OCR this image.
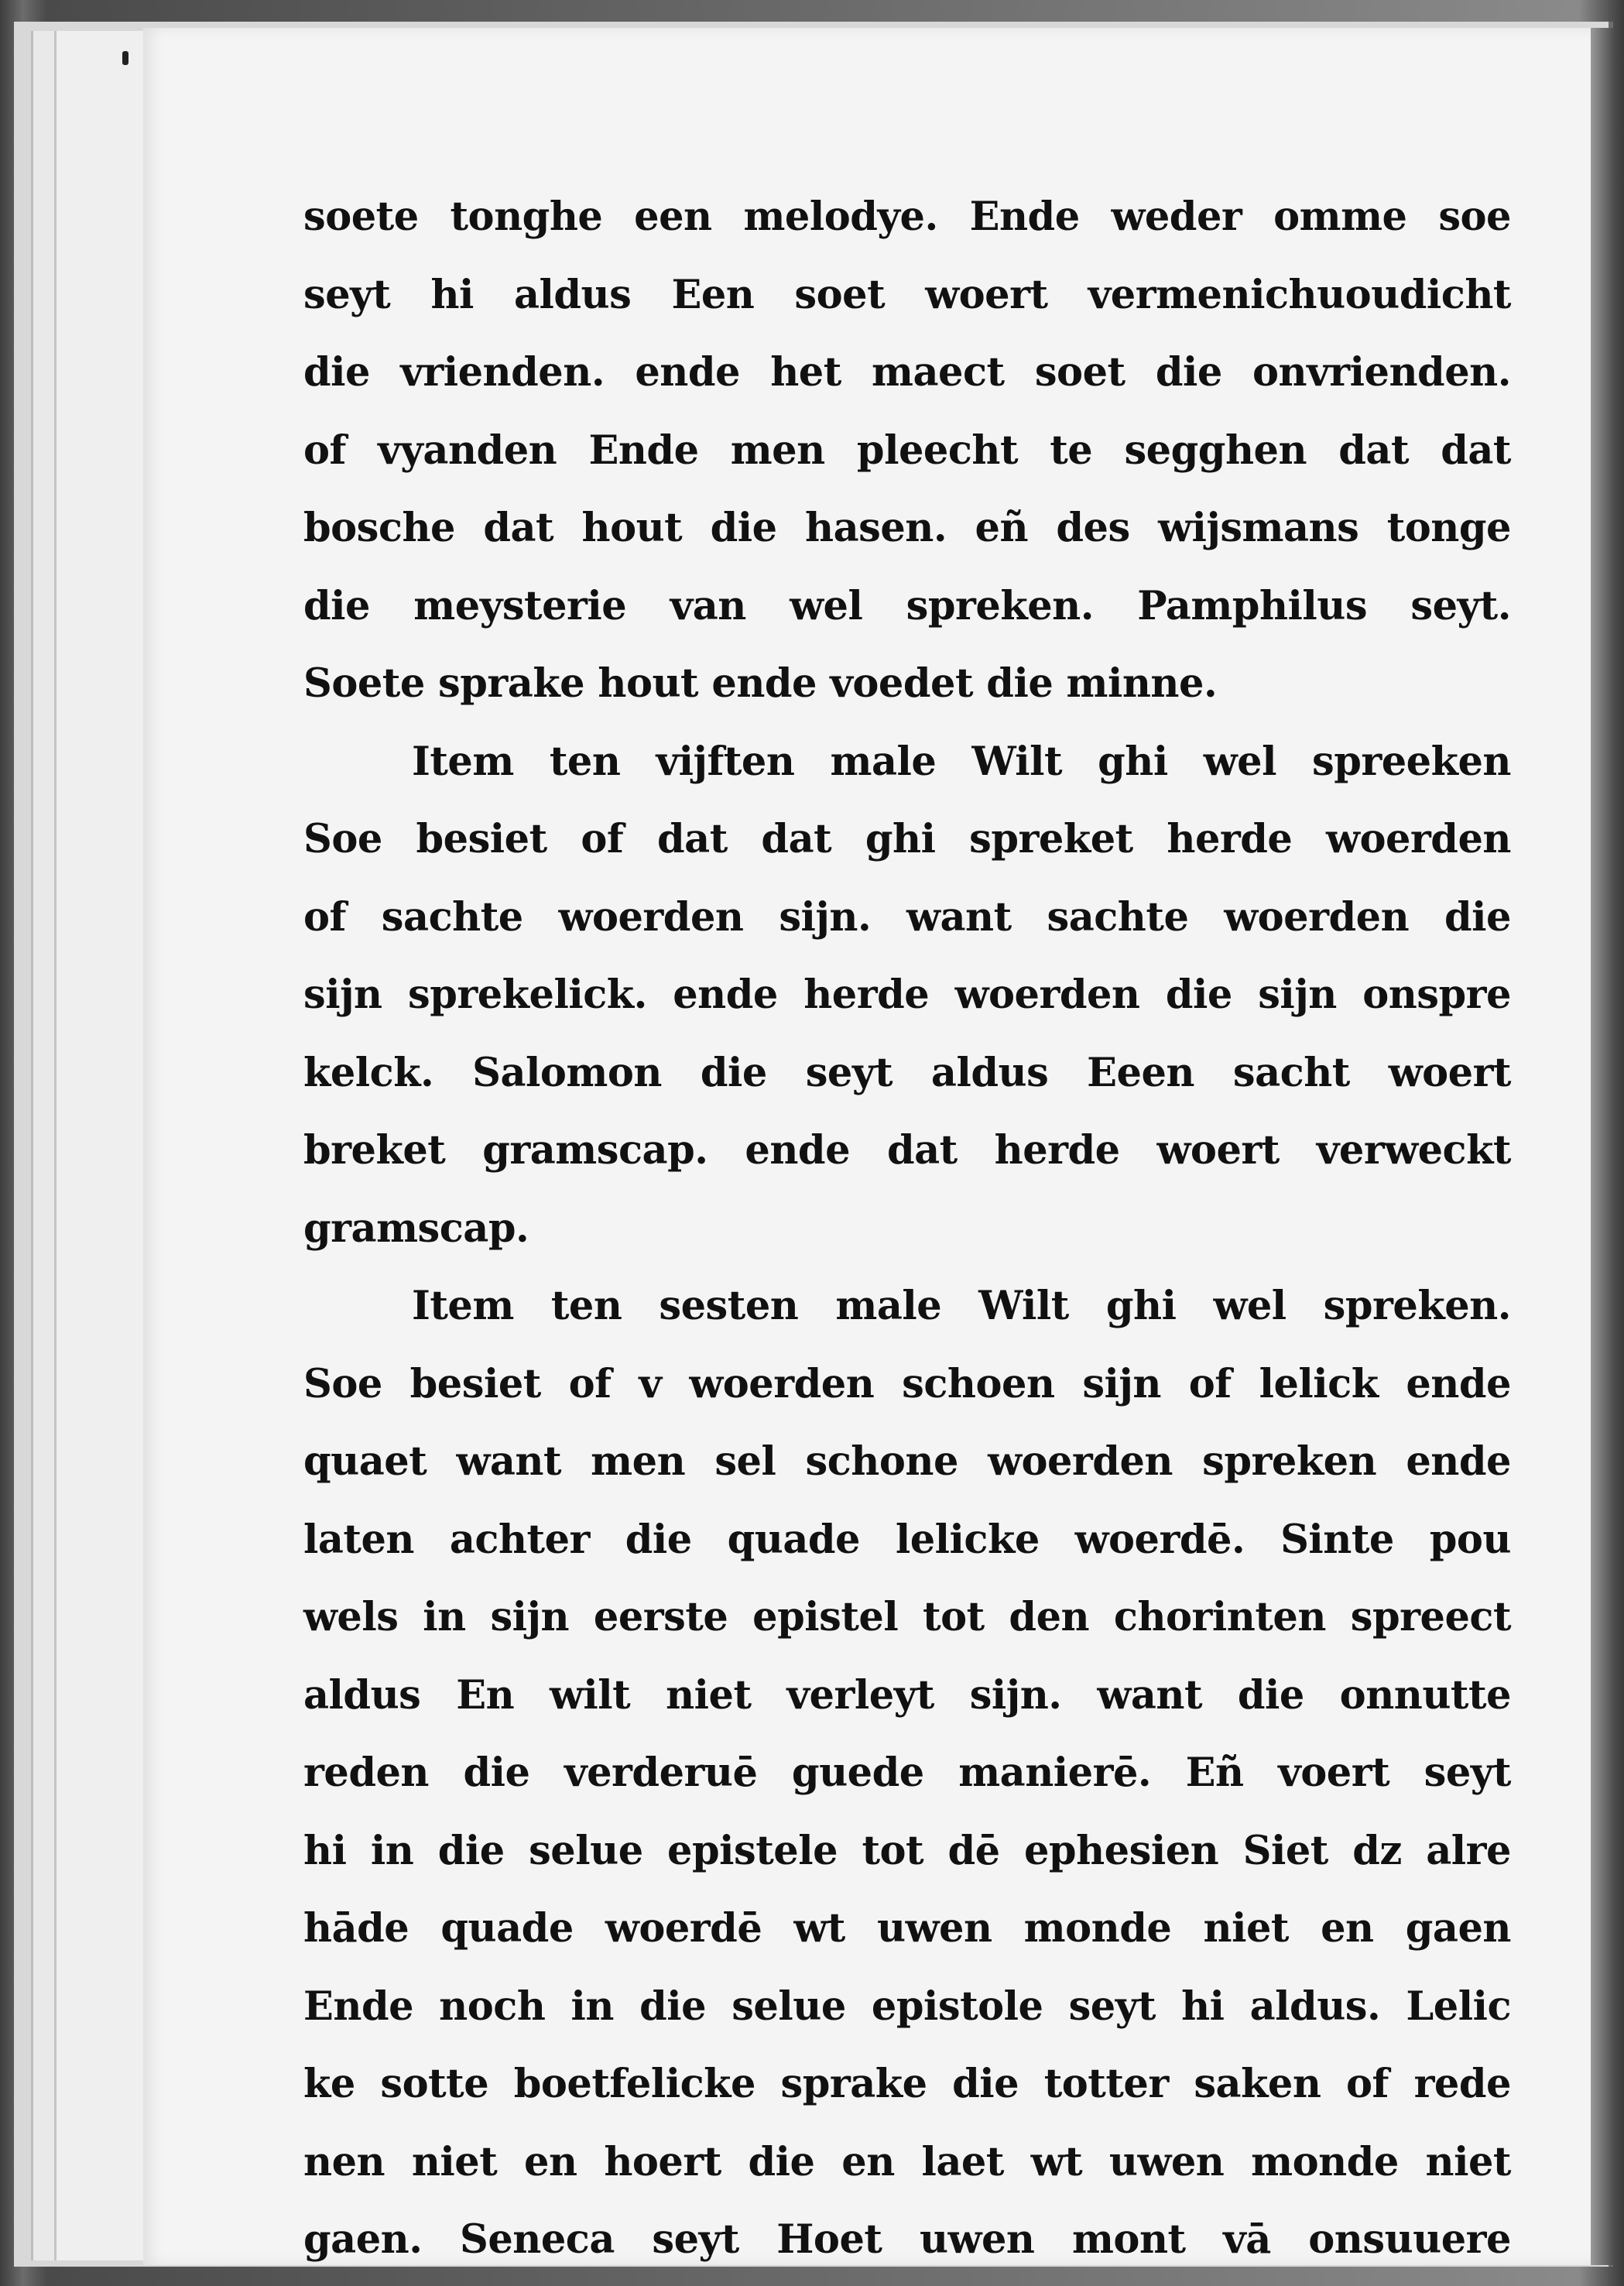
soete tonghe een melodye. Ende weder omme soe
seyt hi aldus Een soet woert vermenichuoudicht
die vrienden. ende het maect soet die onvrienden.
of vyanden Ende men pleecht te segghen dat dat
bosche dat hout die hasen. eñ des wijsmans tonge
die meysterie van wel spreken. Pamphilus seyt.
Soete sprake hout ende voedet die minne.
Item ten vijften male Wilt ghi wel spreeken
Soe besiet of dat dat ghi spreket herde woerden
of sachte woerden sijn. want sachte woerden die
sijn sprekelick. ende herde woerden die sijn onspre
kelck. Salomon die seyt aldus Eeen sacht woert
breket gramscap. ende dat herde woert verweckt
gramscap.
Item ten sesten male Wilt ghi wel spreken.
Soe besiet of v woerden schoen sijn of lelick ende
quaet want men sel schone woerden spreken ende
laten achter die quade lelicke woerdē. Sinte pou
wels in sijn eerste epistel tot den chorinten spreect
aldus En wilt niet verleyt sijn. want die onnutte
reden die verderuē guede manierē. Eñ voert seyt
hi in die selue epistele tot dē ephesien Siet dz alre
hāde quade woerdē wt uwen monde niet en gaen
Ende noch in die selue epistole seyt hi aldus. Lelic
ke sotte boetfelicke sprake die totter saken of rede
nen niet en hoert die en laet wt uwen monde niet
gaen. Seneca seyt Hoet uwen mont vā onsuuere
